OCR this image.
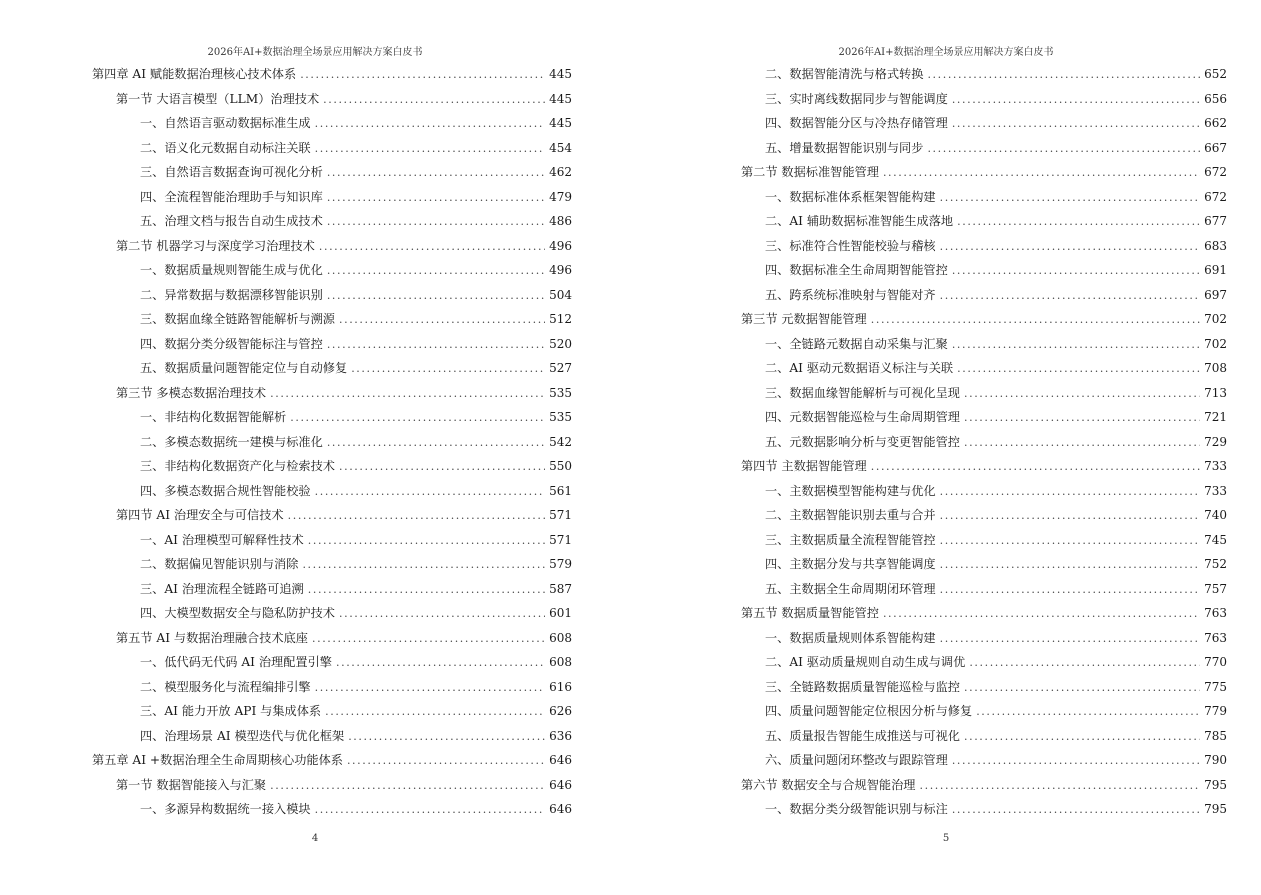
2026年AI+数据治理全场景应用解决方案白皮书
第四章 AI 赋能数据治理核心技术体系 .....	445
第一节 大语言模型（LLM）治理技术 .....	445
一、自然语言驱动数据标准生成 .....	445
二、语义化元数据自动标注关联 .....	454
三、自然语言数据查询可视化分析 .....	462
四、全流程智能治理助手与知识库 .....	479
五、治理文档与报告自动生成技术 .....	486
第二节 机器学习与深度学习治理技术 .....	496
一、数据质量规则智能生成与优化 .....	496
二、异常数据与数据漂移智能识别 .....	504
三、数据血缘全链路智能解析与溯源 .....	512
四、数据分类分级智能标注与管控 .....	520
五、数据质量问题智能定位与自动修复 .....	527
第三节 多模态数据治理技术 .....	535
一、非结构化数据智能解析 .....	535
二、多模态数据统一建模与标准化 .....	542
三、非结构化数据资产化与检索技术 .....	550
四、多模态数据合规性智能校验 .....	561
第四节 AI 治理安全与可信技术 .....	571
一、AI 治理模型可解释性技术 .....	571
二、数据偏见智能识别与消除 .....	579
三、AI 治理流程全链路可追溯 .....	587
四、大模型数据安全与隐私防护技术 .....	601
第五节 AI 与数据治理融合技术底座 .....	608
一、低代码无代码 AI 治理配置引擎 .....	608
二、模型服务化与流程编排引擎 .....	616
三、AI 能力开放 API 与集成体系 .....	626
四、治理场景 AI 模型迭代与优化框架 .....	636
第五章 AI +数据治理全生命周期核心功能体系 .....	646
第一节 数据智能接入与汇聚 .....	646
一、多源异构数据统一接入模块 .....	646
4
2026年AI+数据治理全场景应用解决方案白皮书
二、数据智能清洗与格式转换 .....	652
三、实时离线数据同步与智能调度 .....	656
四、数据智能分区与冷热存储管理 .....	662
五、增量数据智能识别与同步 .....	667
第二节 数据标准智能管理 .....	672
一、数据标准体系框架智能构建 .....	672
二、AI 辅助数据标准智能生成落地 .....	677
三、标准符合性智能校验与稽核 .....	683
四、数据标准全生命周期智能管控 .....	691
五、跨系统标准映射与智能对齐 .....	697
第三节 元数据智能管理 .....	702
一、全链路元数据自动采集与汇聚 .....	702
二、AI 驱动元数据语义标注与关联 .....	708
三、数据血缘智能解析与可视化呈现 .....	713
四、元数据智能巡检与生命周期管理 .....	721
五、元数据影响分析与变更智能管控 .....	729
第四节 主数据智能管理 .....	733
一、主数据模型智能构建与优化 .....	733
二、主数据智能识别去重与合并 .....	740
三、主数据质量全流程智能管控 .....	745
四、主数据分发与共享智能调度 .....	752
五、主数据全生命周期闭环管理 .....	757
第五节 数据质量智能管控 .....	763
一、数据质量规则体系智能构建 .....	763
二、AI 驱动质量规则自动生成与调优 .....	770
三、全链路数据质量智能巡检与监控 .....	775
四、质量问题智能定位根因分析与修复 .....	779
五、质量报告智能生成推送与可视化 .....	785
六、质量问题闭环整改与跟踪管理 .....	790
第六节 数据安全与合规智能治理 .....	795
一、数据分类分级智能识别与标注 .....	795
5
